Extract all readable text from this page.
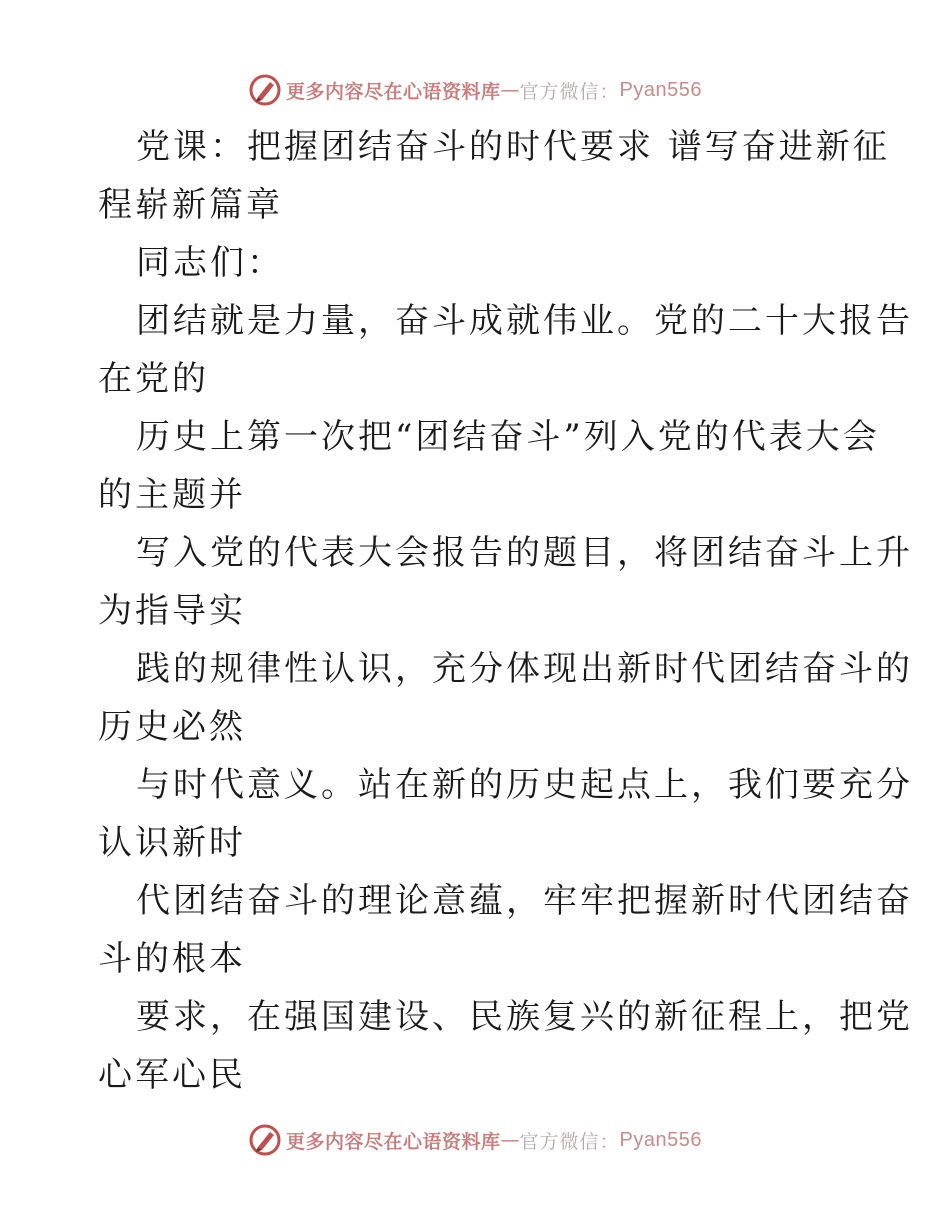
更多内容尽在心语资料库 — 官方微信： Pyan556
党课：把握团结奋斗的时代要求 谱写奋进新征
程崭新篇章
同志们：
团结就是力量，奋斗成就伟业。党的二十大报告
在党的
历史上第一次把“团结奋斗”列入党的代表大会
的主题并
写入党的代表大会报告的题目，将团结奋斗上升
为指导实
践的规律性认识，充分体现出新时代团结奋斗的
历史必然
与时代意义。站在新的历史起点上，我们要充分
认识新时
代团结奋斗的理论意蕴，牢牢把握新时代团结奋
斗的根本
要求，在强国建设、民族复兴的新征程上，把党
心军心民
更多内容尽在心语资料库 — 官方微信： Pyan556
